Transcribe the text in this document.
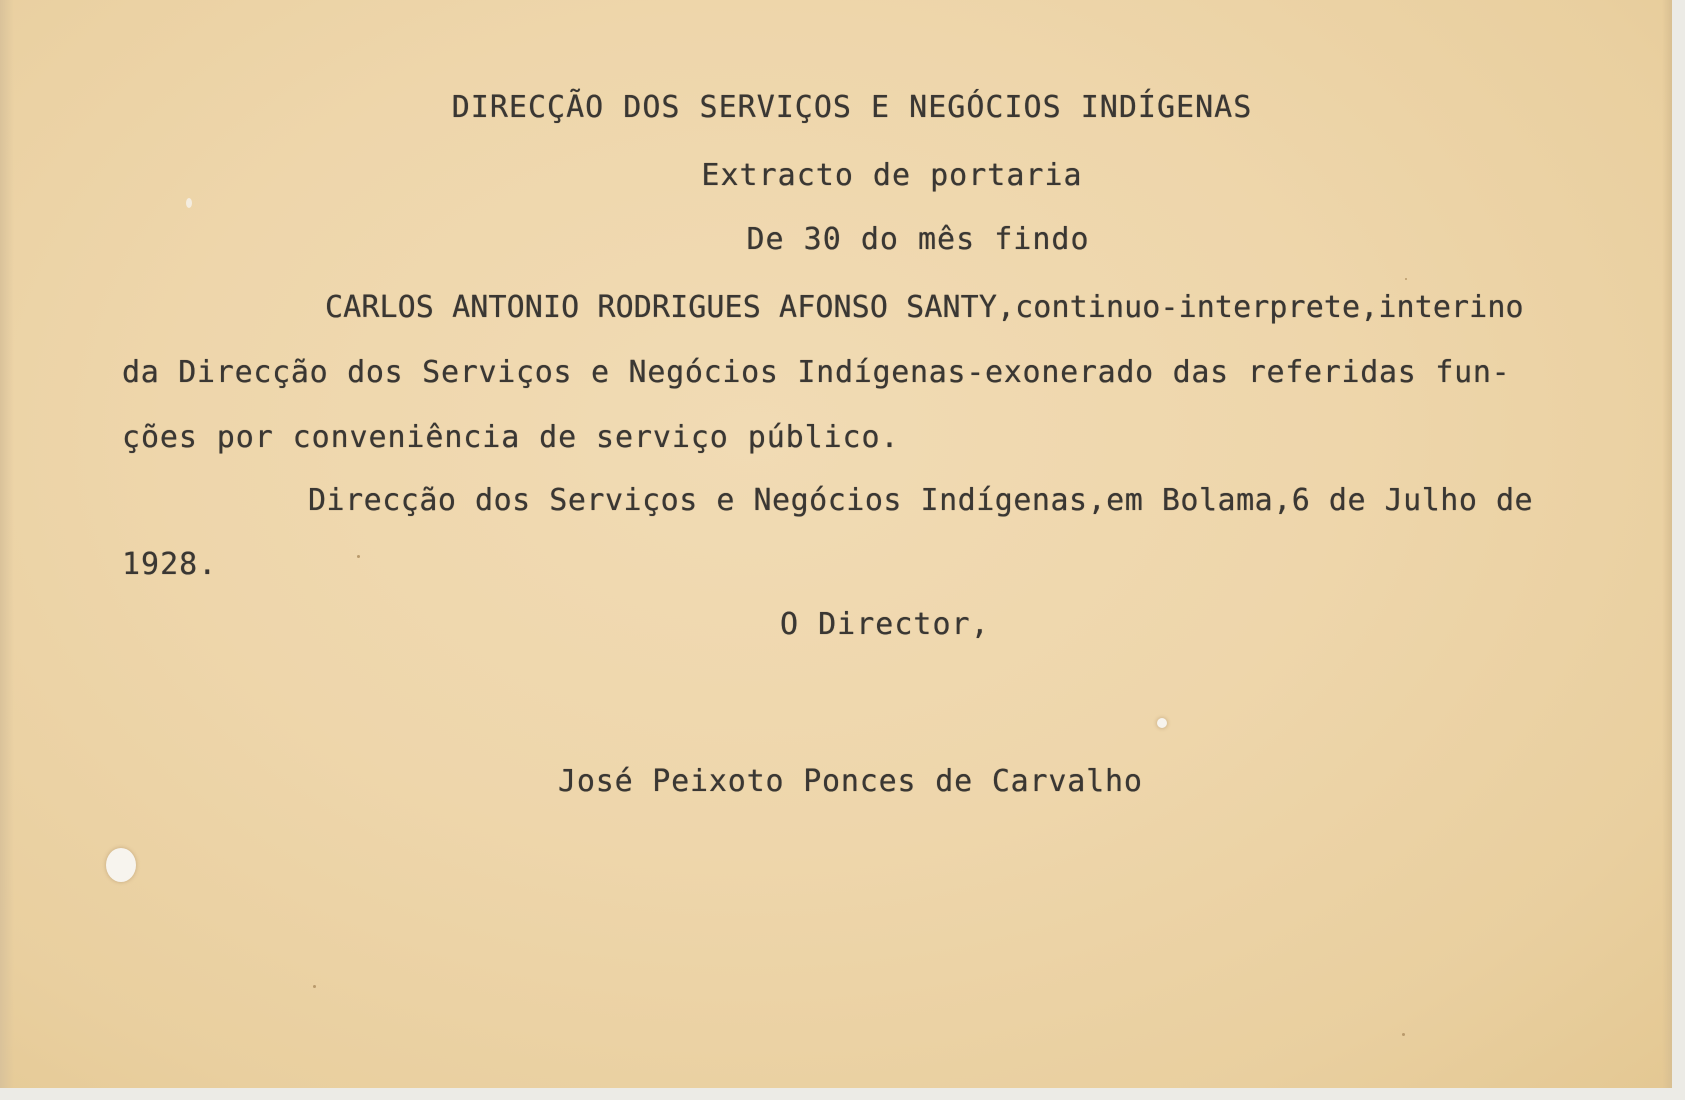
DIRECÇÃO DOS SERVIÇOS E NEGÓCIOS INDÍGENAS
Extracto de portaria
De 30 do mês findo
CARLOS ANTONIO RODRIGUES AFONSO SANTY,continuo-interprete,interino
da Direcção dos Serviços e Negócios Indígenas-exonerado das referidas fun-
ções por conveniência de serviço público.
Direcção dos Serviços e Negócios Indígenas,em Bolama,6 de Julho de
1928.
O Director,
José Peixoto Ponces de Carvalho
